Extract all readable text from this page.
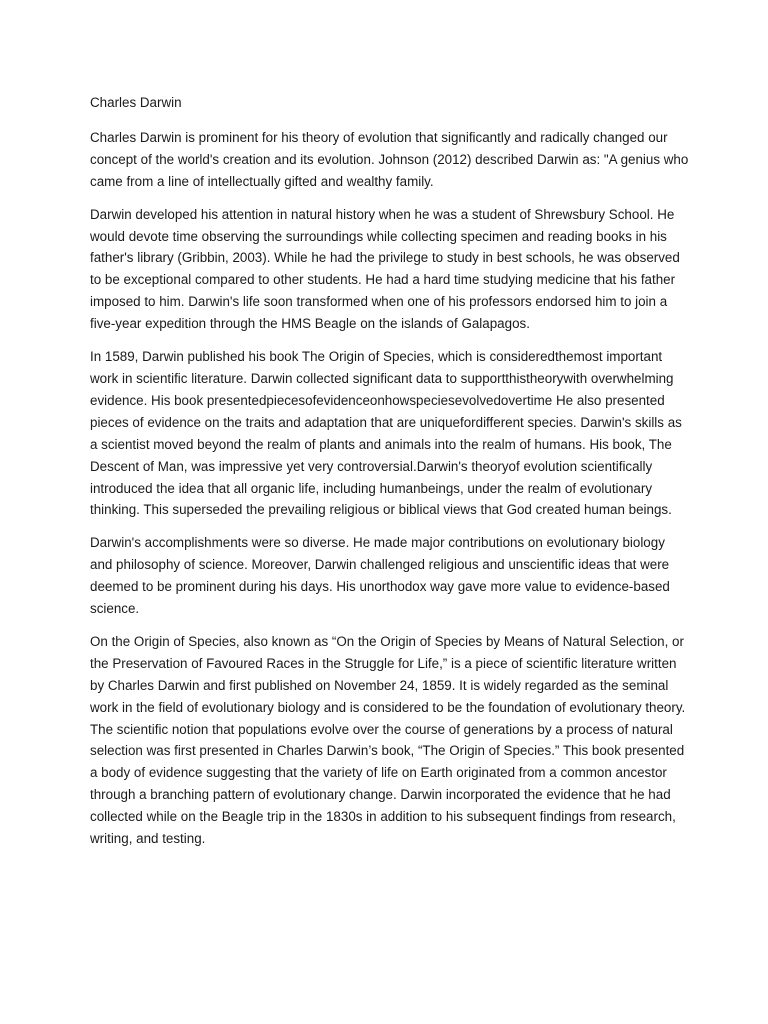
Charles Darwin

Charles Darwin is prominent for his theory of evolution that significantly and radically changed our concept of the world's creation and its evolution. Johnson (2012) described Darwin as: "A genius who came from a line of intellectually gifted and wealthy family.

Darwin developed his attention in natural history when he was a student of Shrewsbury School. He would devote time observing the surroundings while collecting specimen and reading books in his father's library (Gribbin, 2003). While he had the privilege to study in best schools, he was observed to be exceptional compared to other students. He had a hard time studying medicine that his father imposed to him. Darwin's life soon transformed when one of his professors endorsed him to join a five-year expedition through the HMS Beagle on the islands of Galapagos.

In 1589, Darwin published his book The Origin of Species, which is consideredthemost important work in scientific literature. Darwin collected significant data to supportthistheorywith overwhelming evidence. His book presentedpiecesofevidenceonhowspeciesevolvedovertime He also presented pieces of evidence on the traits and adaptation that are uniquefordifferent species. Darwin's skills as a scientist moved beyond the realm of plants and animals into the realm of humans. His book, The Descent of Man, was impressive yet very controversial.Darwin's theoryof evolution scientifically introduced the idea that all organic life, including humanbeings, under the realm of evolutionary thinking. This superseded the prevailing religious or biblical views that God created human beings.

Darwin's accomplishments were so diverse. He made major contributions on evolutionary biology and philosophy of science. Moreover, Darwin challenged religious and unscientific ideas that were deemed to be prominent during his days. His unorthodox way gave more value to evidence-based science.

On the Origin of Species, also known as “On the Origin of Species by Means of Natural Selection, or the Preservation of Favoured Races in the Struggle for Life,” is a piece of scientific literature written by Charles Darwin and first published on November 24, 1859. It is widely regarded as the seminal work in the field of evolutionary biology and is considered to be the foundation of evolutionary theory. The scientific notion that populations evolve over the course of generations by a process of natural selection was first presented in Charles Darwin’s book, “The Origin of Species.” This book presented a body of evidence suggesting that the variety of life on Earth originated from a common ancestor through a branching pattern of evolutionary change. Darwin incorporated the evidence that he had collected while on the Beagle trip in the 1830s in addition to his subsequent findings from research, writing, and testing.
